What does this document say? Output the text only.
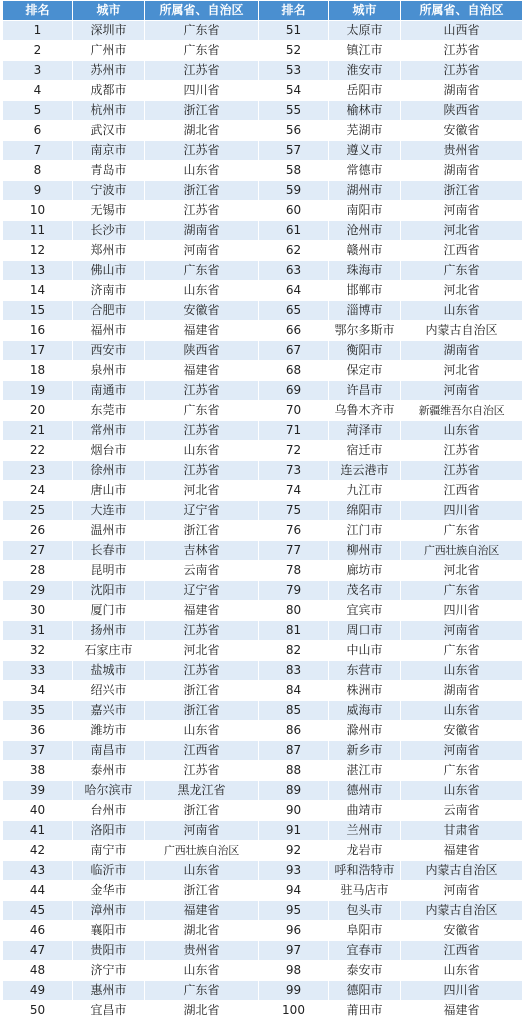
排名	城市	所属省、自治区	排名	城市	所属省、自治区
1	深圳市	广东省	51	太原市	山西省
2	广州市	广东省	52	镇江市	江苏省
3	苏州市	江苏省	53	淮安市	江苏省
4	成都市	四川省	54	岳阳市	湖南省
5	杭州市	浙江省	55	榆林市	陕西省
6	武汉市	湖北省	56	芜湖市	安徽省
7	南京市	江苏省	57	遵义市	贵州省
8	青岛市	山东省	58	常德市	湖南省
9	宁波市	浙江省	59	湖州市	浙江省
10	无锡市	江苏省	60	南阳市	河南省
11	长沙市	湖南省	61	沧州市	河北省
12	郑州市	河南省	62	赣州市	江西省
13	佛山市	广东省	63	珠海市	广东省
14	济南市	山东省	64	邯郸市	河北省
15	合肥市	安徽省	65	淄博市	山东省
16	福州市	福建省	66	鄂尔多斯市	内蒙古自治区
17	西安市	陕西省	67	衡阳市	湖南省
18	泉州市	福建省	68	保定市	河北省
19	南通市	江苏省	69	许昌市	河南省
20	东莞市	广东省	70	乌鲁木齐市	新疆维吾尔自治区
21	常州市	江苏省	71	菏泽市	山东省
22	烟台市	山东省	72	宿迁市	江苏省
23	徐州市	江苏省	73	连云港市	江苏省
24	唐山市	河北省	74	九江市	江西省
25	大连市	辽宁省	75	绵阳市	四川省
26	温州市	浙江省	76	江门市	广东省
27	长春市	吉林省	77	柳州市	广西壮族自治区
28	昆明市	云南省	78	廊坊市	河北省
29	沈阳市	辽宁省	79	茂名市	广东省
30	厦门市	福建省	80	宜宾市	四川省
31	扬州市	江苏省	81	周口市	河南省
32	石家庄市	河北省	82	中山市	广东省
33	盐城市	江苏省	83	东营市	山东省
34	绍兴市	浙江省	84	株洲市	湖南省
35	嘉兴市	浙江省	85	威海市	山东省
36	潍坊市	山东省	86	滁州市	安徽省
37	南昌市	江西省	87	新乡市	河南省
38	泰州市	江苏省	88	湛江市	广东省
39	哈尔滨市	黑龙江省	89	德州市	山东省
40	台州市	浙江省	90	曲靖市	云南省
41	洛阳市	河南省	91	兰州市	甘肃省
42	南宁市	广西壮族自治区	92	龙岩市	福建省
43	临沂市	山东省	93	呼和浩特市	内蒙古自治区
44	金华市	浙江省	94	驻马店市	河南省
45	漳州市	福建省	95	包头市	内蒙古自治区
46	襄阳市	湖北省	96	阜阳市	安徽省
47	贵阳市	贵州省	97	宜春市	江西省
48	济宁市	山东省	98	泰安市	山东省
49	惠州市	广东省	99	德阳市	四川省
50	宜昌市	湖北省	100	莆田市	福建省
